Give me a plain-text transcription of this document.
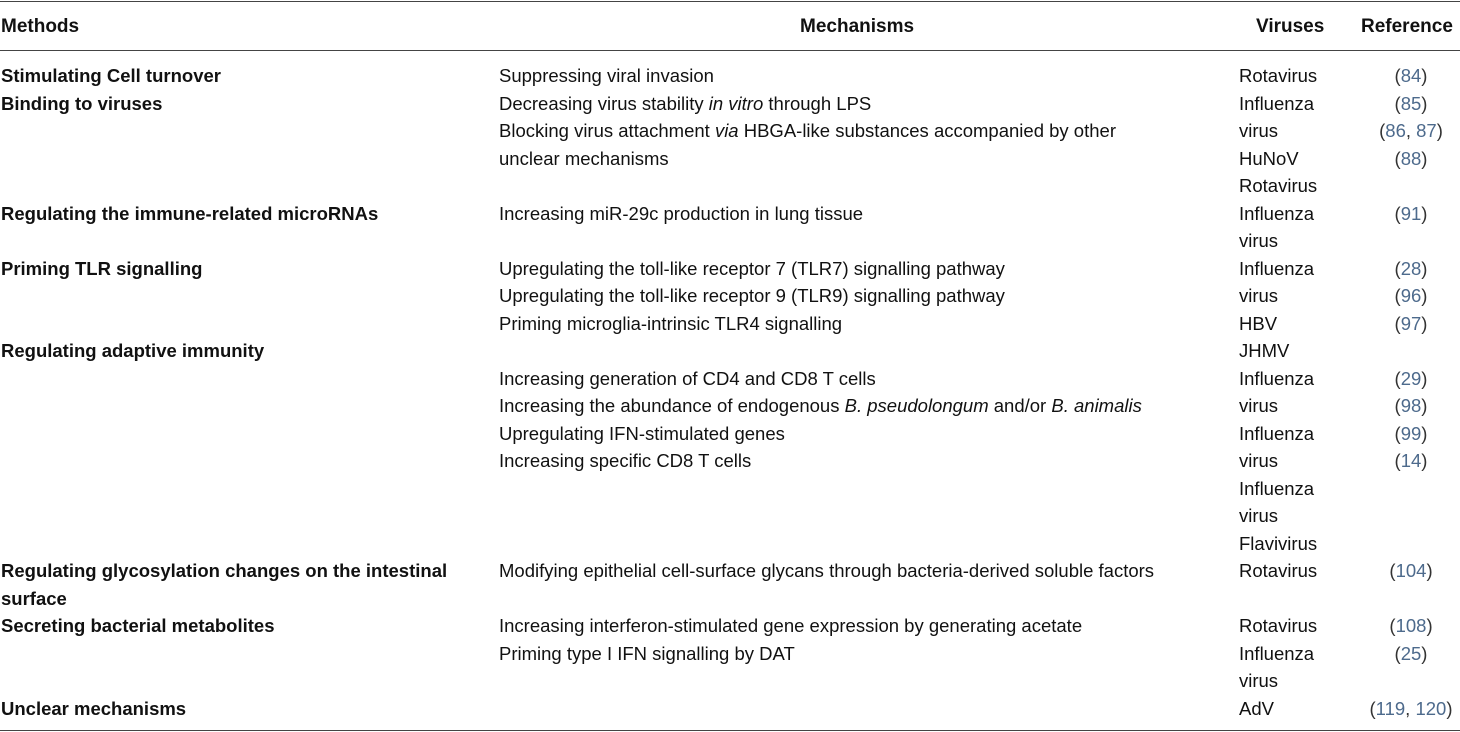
Methods	Mechanisms	Viruses Reference
Stimulating Cell turnover
Binding to viruses
Regulating the immune-related microRNAs
Priming TLR signalling
Regulating adaptive immunity
Regulating glycosylation changes on the intestinal
surface
Secreting bacterial metabolites
Unclear mechanisms
Suppressing viral invasion
Decreasing virus stability in vitro through LPS
Blocking virus attachment via HBGA-like substances accompanied by other
unclear mechanisms
Increasing miR-29c production in lung tissue
Upregulating the toll-like receptor 7 (TLR7) signalling pathway
Upregulating the toll-like receptor 9 (TLR9) signalling pathway
Priming microglia-intrinsic TLR4 signalling
Increasing generation of CD4 and CD8 T cells
Increasing the abundance of endogenous B. pseudolongum and/or B. animalis
Upregulating IFN-stimulated genes
Increasing specific CD8 T cells
Modifying epithelial cell-surface glycans through bacteria-derived soluble factors
Increasing interferon-stimulated gene expression by generating acetate
Priming type I IFN signalling by DAT
Rotavirus
Influenza
virus
HuNoV
Rotavirus
Influenza
virus
Influenza
virus
HBV
JHMV
Influenza
virus
Influenza
virus
Influenza
virus
Flavivirus
Rotavirus
Rotavirus
Influenza
virus
AdV
(84)
(85)
(86, 87)
(88)
(91)
(28)
(96)
(97)
(29)
(98)
(99)
(14)
(104)
(108)
(25)
(119, 120)
